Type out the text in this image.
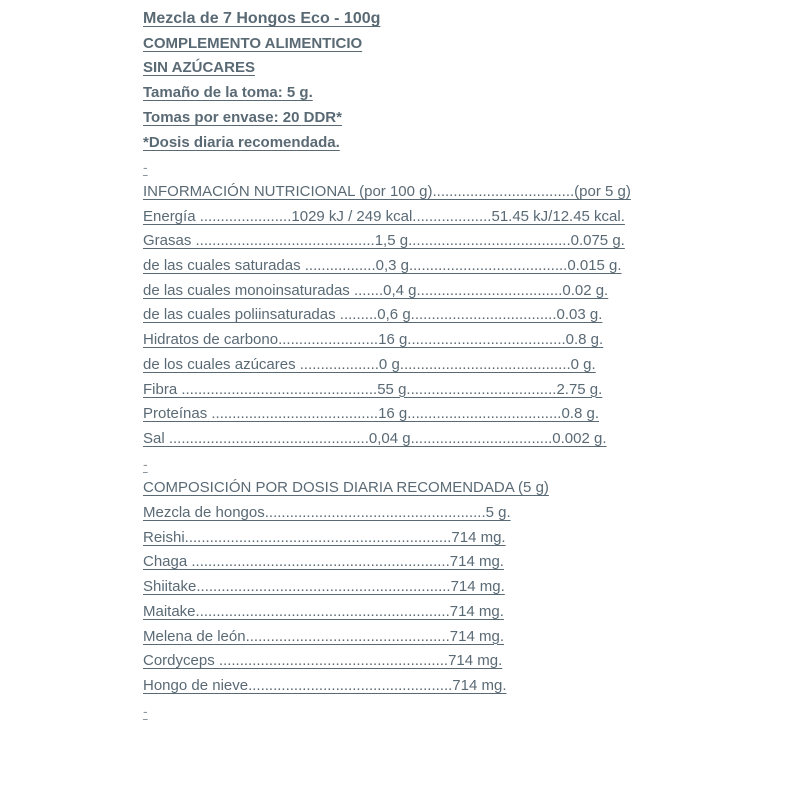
Mezcla de 7 Hongos Eco - 100g

COMPLEMENTO ALIMENTICIO

SIN AZÚCARES

Tamaño de la toma: 5 g.

Tomas por envase: 20 DDR*

*Dosis diaria recomendada.

-

INFORMACIÓN NUTRICIONAL (por 100 g)..................................(por 5 g)

Energía ......................1029 kJ / 249 kcal...................51.45 kJ/12.45 kcal.

Grasas ...........................................1,5 g.......................................0.075 g.

de las cuales saturadas .................0,3 g......................................0.015 g.

de las cuales monoinsaturadas .......0,4 g...................................0.02 g.

de las cuales poliinsaturadas .........0,6 g...................................0.03 g.

Hidratos de carbono........................16 g......................................0.8 g.

de los cuales azúcares ...................0 g.........................................0 g.

Fibra ...............................................55 g....................................2.75 g.

Proteínas ........................................16 g.....................................0.8 g.

Sal ................................................0,04 g..................................0.002 g.

-

COMPOSICIÓN POR DOSIS DIARIA RECOMENDADA (5 g)

Mezcla de hongos.....................................................5 g.

Reishi................................................................714 mg.

Chaga ..............................................................714 mg.

Shiitake.............................................................714 mg.

Maitake.............................................................714 mg.

Melena de león.................................................714 mg.

Cordyceps .......................................................714 mg.

Hongo de nieve.................................................714 mg.

-
